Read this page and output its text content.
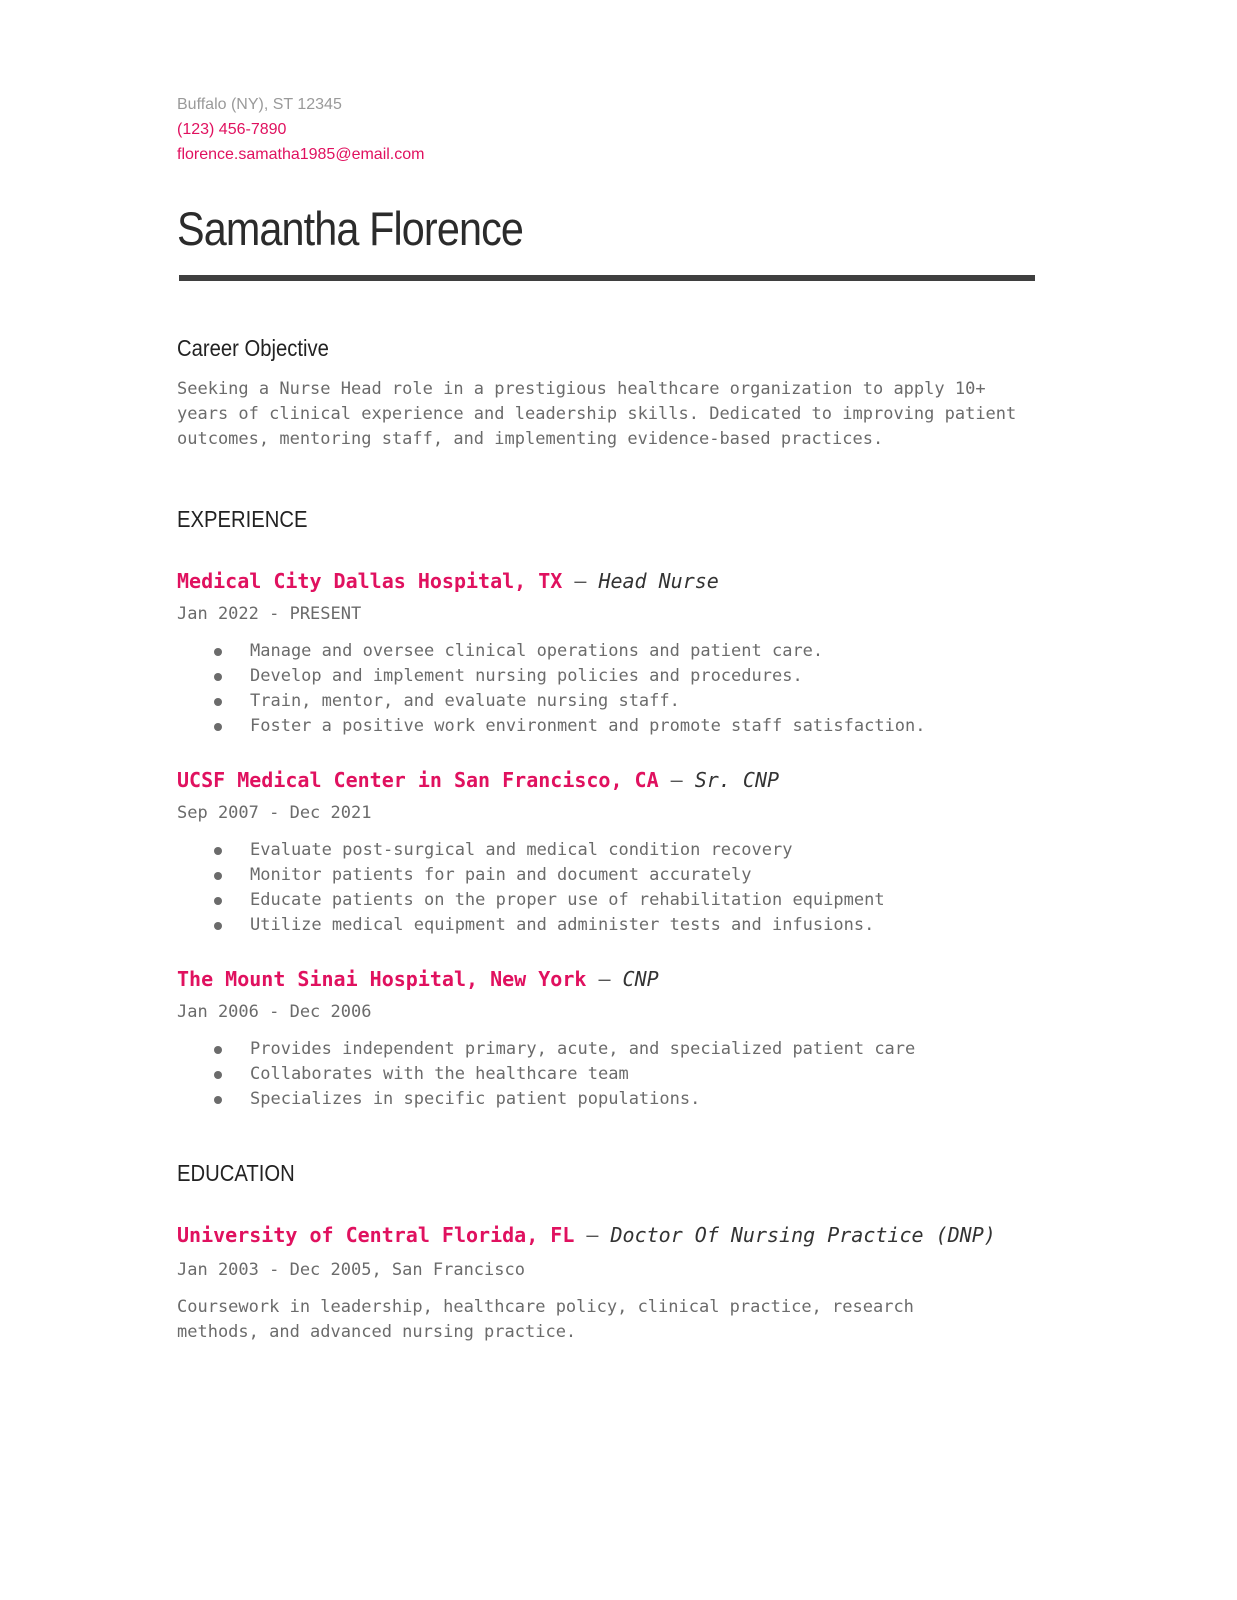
Buffalo (NY), ST 12345
(123) 456-7890
florence.samatha1985@email.com
Samantha Florence
Career Objective
Seeking a Nurse Head role in a prestigious healthcare organization to apply 10+ years of clinical experience and leadership skills. Dedicated to improving patient outcomes, mentoring staff, and implementing evidence-based practices.
EXPERIENCE
Medical City Dallas Hospital, TX — Head Nurse
Jan 2022 - PRESENT
Manage and oversee clinical operations and patient care.
Develop and implement nursing policies and procedures.
Train, mentor, and evaluate nursing staff.
Foster a positive work environment and promote staff satisfaction.
UCSF Medical Center in San Francisco, CA — Sr. CNP
Sep 2007 - Dec 2021
Evaluate post-surgical and medical condition recovery
Monitor patients for pain and document accurately
Educate patients on the proper use of rehabilitation equipment
Utilize medical equipment and administer tests and infusions.
The Mount Sinai Hospital, New York — CNP
Jan 2006 - Dec 2006
Provides independent primary, acute, and specialized patient care
Collaborates with the healthcare team
Specializes in specific patient populations.
EDUCATION
University of Central Florida, FL — Doctor Of Nursing Practice (DNP)
Jan 2003 - Dec 2005, San Francisco
Coursework in leadership, healthcare policy, clinical practice, research methods, and advanced nursing practice.
